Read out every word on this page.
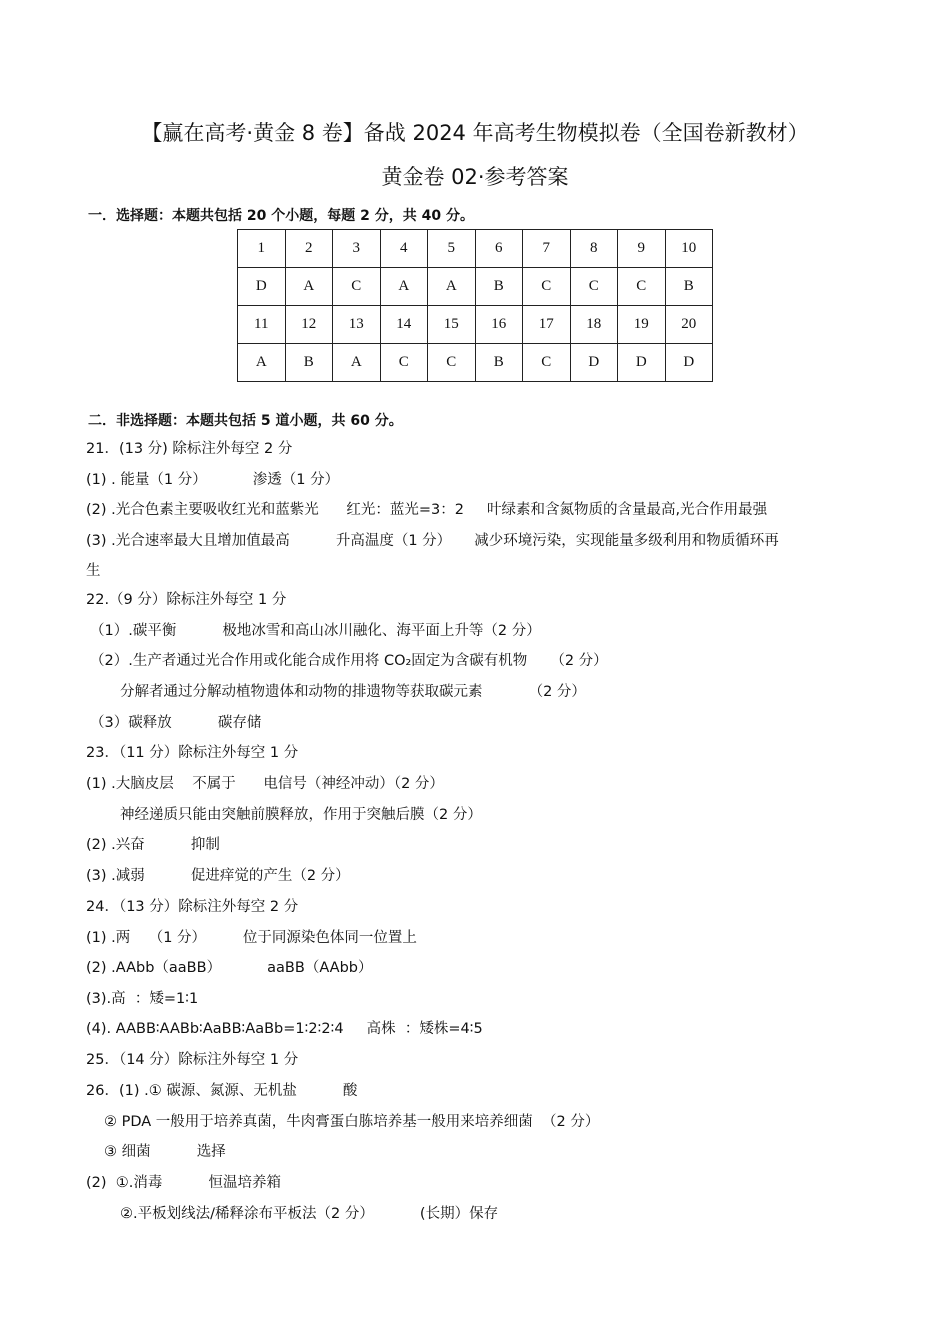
【赢在高考·黄金 8 卷】备战 2024 年高考生物模拟卷（全国卷新教材）
黄金卷 02·参考答案
一．选择题：本题共包括 20 个小题，每题 2 分，共 40 分。
1	2	3	4	5	6	7	8	9	10
D	A	C	A	A	B	C	C	C	B
11	12	13	14	15	16	17	18	19	20
A	B	A	C	C	B	C	D	D	D
二．非选择题：本题共包括 5 道小题，共 60 分。
21．(13 分) 除标注外每空 2 分
(1) . 能量（1 分）          渗透（1 分）
(2) .光合色素主要吸收红光和蓝紫光      红光：蓝光=3：2     叶绿素和含氮物质的含量最高,光合作用最强
(3) .光合速率最大且增加值最高          升高温度（1 分）     减少环境污染，实现能量多级利用和物质循环再
生
22.（9 分）除标注外每空 1 分
（1）.碳平衡          极地冰雪和高山冰川融化、海平面上升等（2 分）
（2）.生产者通过光合作用或化能合成作用将 CO₂固定为含碳有机物     （2 分）
分解者通过分解动植物遗体和动物的排遗物等获取碳元素          （2 分）
（3）碳释放          碳存储
23．（11 分）除标注外每空 1 分
(1) .大脑皮层    不属于      电信号（神经冲动）（2 分）
神经递质只能由突触前膜释放，作用于突触后膜（2 分）
(2) .兴奋          抑制
(3) .减弱          促进痒觉的产生（2 分）
24．（13 分）除标注外每空 2 分
(1) .两    （1 分）        位于同源染色体同一位置上
(2) .AAbb（aaBB）          aaBB（AAbb）
(3).高  ：矮=1∶1
(4). AABB∶AABb∶AaBB∶AaBb=1∶2∶2∶4     高株  ：矮株=4∶5
25．（14 分）除标注外每空 1 分
26．(1) .① 碳源、氮源、无机盐          酸
② PDA 一般用于培养真菌，牛肉膏蛋白胨培养基一般用来培养细菌  （2 分）
③ 细菌          选择
(2)  ①.消毒          恒温培养箱
②.平板划线法/稀释涂布平板法（2 分）          (长期）保存
